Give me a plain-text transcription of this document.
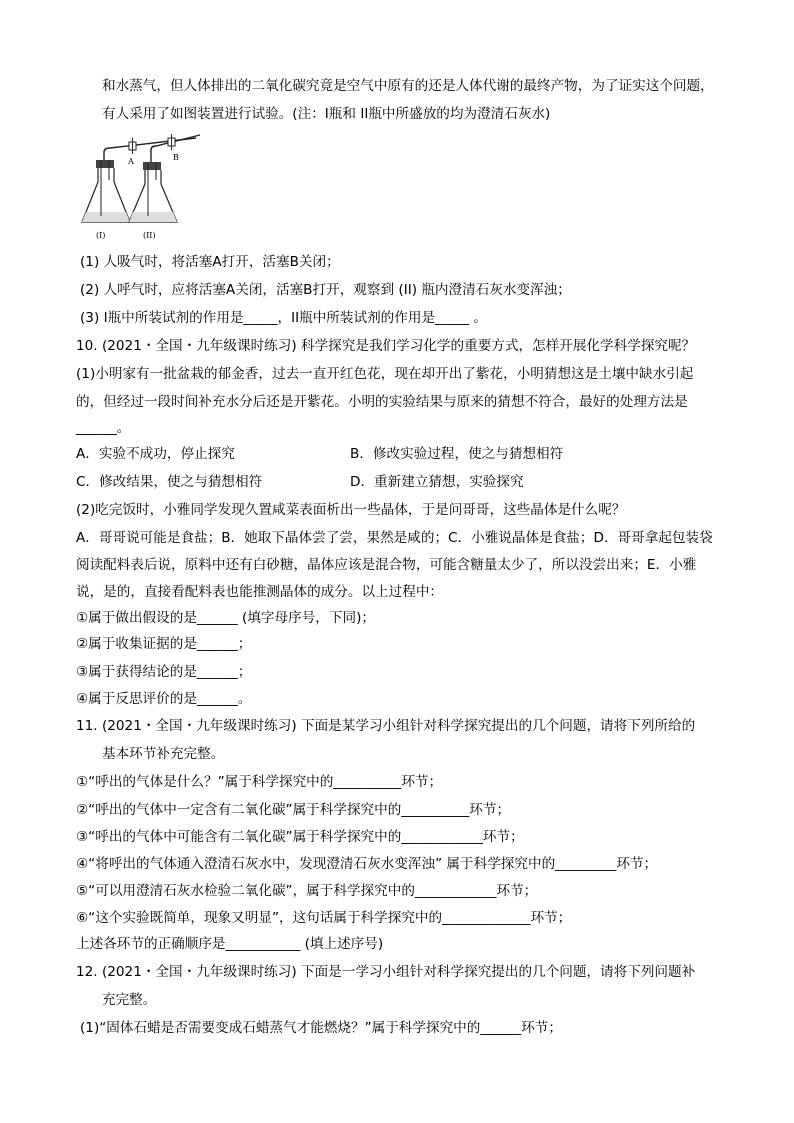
和水蒸气，但人体排出的二氧化碳究竟是空气中原有的还是人体代谢的最终产物，为了证实这个问题，
有人采用了如图装置进行试验。(注：I瓶和 II瓶中所盛放的均为澄清石灰水)
A	B
(I)	(II)
(1) 人吸气时，将活塞A打开，活塞B关闭；
(2) 人呼气时，应将活塞A关闭，活塞B打开，观察到 (II) 瓶内澄清石灰水变浑浊；
(3) I瓶中所装试剂的作用是_____，II瓶中所装试剂的作用是_____ 。
10. (2021・全国・九年级课时练习) 科学探究是我们学习化学的重要方式，怎样开展化学科学探究呢？
(1)小明家有一批盆栽的郁金香，过去一直开红色花，现在却开出了紫花，小明猜想这是土壤中缺水引起
的，但经过一段时间补充水分后还是开紫花。小明的实验结果与原来的猜想不符合，最好的处理方法是
______。
A．实验不成功，停止探究	B．修改实验过程，使之与猜想相符
C．修改结果，使之与猜想相符	D．重新建立猜想，实验探究
(2)吃完饭时，小雅同学发现久置咸菜表面析出一些晶体，于是问哥哥，这些晶体是什么呢？
A．哥哥说可能是食盐；B．她取下晶体尝了尝，果然是咸的；C．小雅说晶体是食盐；D．哥哥拿起包装袋
阅读配料表后说，原料中还有白砂糖，晶体应该是混合物，可能含糖量太少了，所以没尝出来；E．小雅
说，是的，直接看配料表也能推测晶体的成分。以上过程中：
①属于做出假设的是______ (填字母序号，下同)；
②属于收集证据的是______；
③属于获得结论的是______；
④属于反思评价的是______。
11. (2021・全国・九年级课时练习) 下面是某学习小组针对科学探究提出的几个问题，请将下列所给的
基本环节补充完整。
①“呼出的气体是什么？”属于科学探究中的__________环节；
②“呼出的气体中一定含有二氧化碳”属于科学探究中的__________环节；
③“呼出的气体中可能含有二氧化碳”属于科学探究中的____________环节；
④“将呼出的气体通入澄清石灰水中，发现澄清石灰水变浑浊” 属于科学探究中的_________环节；
⑤“可以用澄清石灰水检验二氧化碳”，属于科学探究中的____________环节；
⑥“这个实验既简单，现象又明显”，这句话属于科学探究中的_____________环节；
上述各环节的正确顺序是___________ (填上述序号)
12. (2021・全国・九年级课时练习) 下面是一学习小组针对科学探究提出的几个问题，请将下列问题补
充完整。
(1)“固体石蜡是否需要变成石蜡蒸气才能燃烧？”属于科学探究中的______环节；
